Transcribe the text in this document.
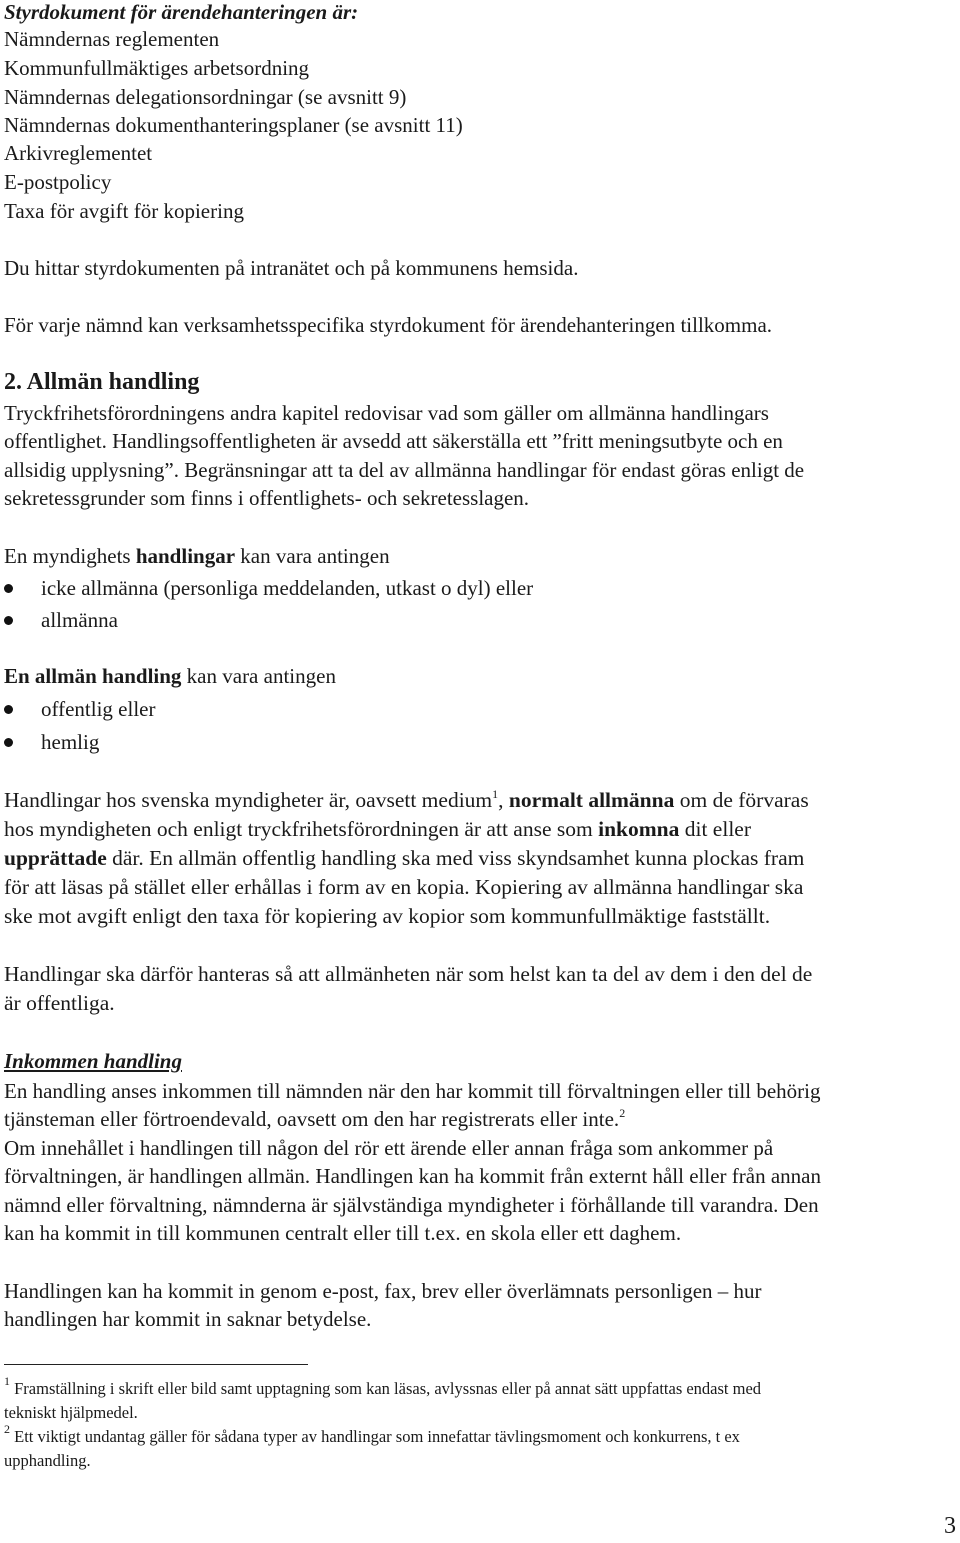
Styrdokument för ärendehanteringen är:
Nämndernas reglementen
Kommunfullmäktiges arbetsordning
Nämndernas delegationsordningar (se avsnitt 9)
Nämndernas dokumenthanteringsplaner (se avsnitt 11)
Arkivreglementet
E-postpolicy
Taxa för avgift för kopiering
Du hittar styrdokumenten på intranätet och på kommunens hemsida.
För varje nämnd kan verksamhetsspecifika styrdokument för ärendehanteringen tillkomma.
2. Allmän handling
Tryckfrihetsförordningens andra kapitel redovisar vad som gäller om allmänna handlingars
offentlighet. Handlingsoffentligheten är avsedd att säkerställa ett ”fritt meningsutbyte och en
allsidig upplysning”. Begränsningar att ta del av allmänna handlingar för endast göras enligt de
sekretessgrunder som finns i offentlighets- och sekretesslagen.
En myndighets handlingar kan vara antingen
icke allmänna (personliga meddelanden, utkast o dyl) eller
allmänna
En allmän handling kan vara antingen
offentlig eller
hemlig
Handlingar hos svenska myndigheter är, oavsett medium$^1$, normalt allmänna om de förvaras
hos myndigheten och enligt tryckfrihetsförordningen är att anse som inkomna dit eller
upprättade där. En allmän offentlig handling ska med viss skyndsamhet kunna plockas fram
för att läsas på stället eller erhållas i form av en kopia. Kopiering av allmänna handlingar ska
ske mot avgift enligt den taxa för kopiering av kopior som kommunfullmäktige fastställt.
Handlingar ska därför hanteras så att allmänheten när som helst kan ta del av dem i den del de
är offentliga.
Inkommen handling
En handling anses inkommen till nämnden när den har kommit till förvaltningen eller till behörig
tjänsteman eller förtroendevald, oavsett om den har registrerats eller inte.$^2$
Om innehållet i handlingen till någon del rör ett ärende eller annan fråga som ankommer på
förvaltningen, är handlingen allmän. Handlingen kan ha kommit från externt håll eller från annan
nämnd eller förvaltning, nämnderna är självständiga myndigheter i förhållande till varandra. Den
kan ha kommit in till kommunen centralt eller till t.ex. en skola eller ett daghem.
Handlingen kan ha kommit in genom e-post, fax, brev eller överlämnats personligen – hur
handlingen har kommit in saknar betydelse.
$^1$ Framställning i skrift eller bild samt upptagning som kan läsas, avlyssnas eller på annat sätt uppfattas endast med
tekniskt hjälpmedel.
$^2$ Ett viktigt undantag gäller för sådana typer av handlingar som innefattar tävlingsmoment och konkurrens, t ex
upphandling.
3
